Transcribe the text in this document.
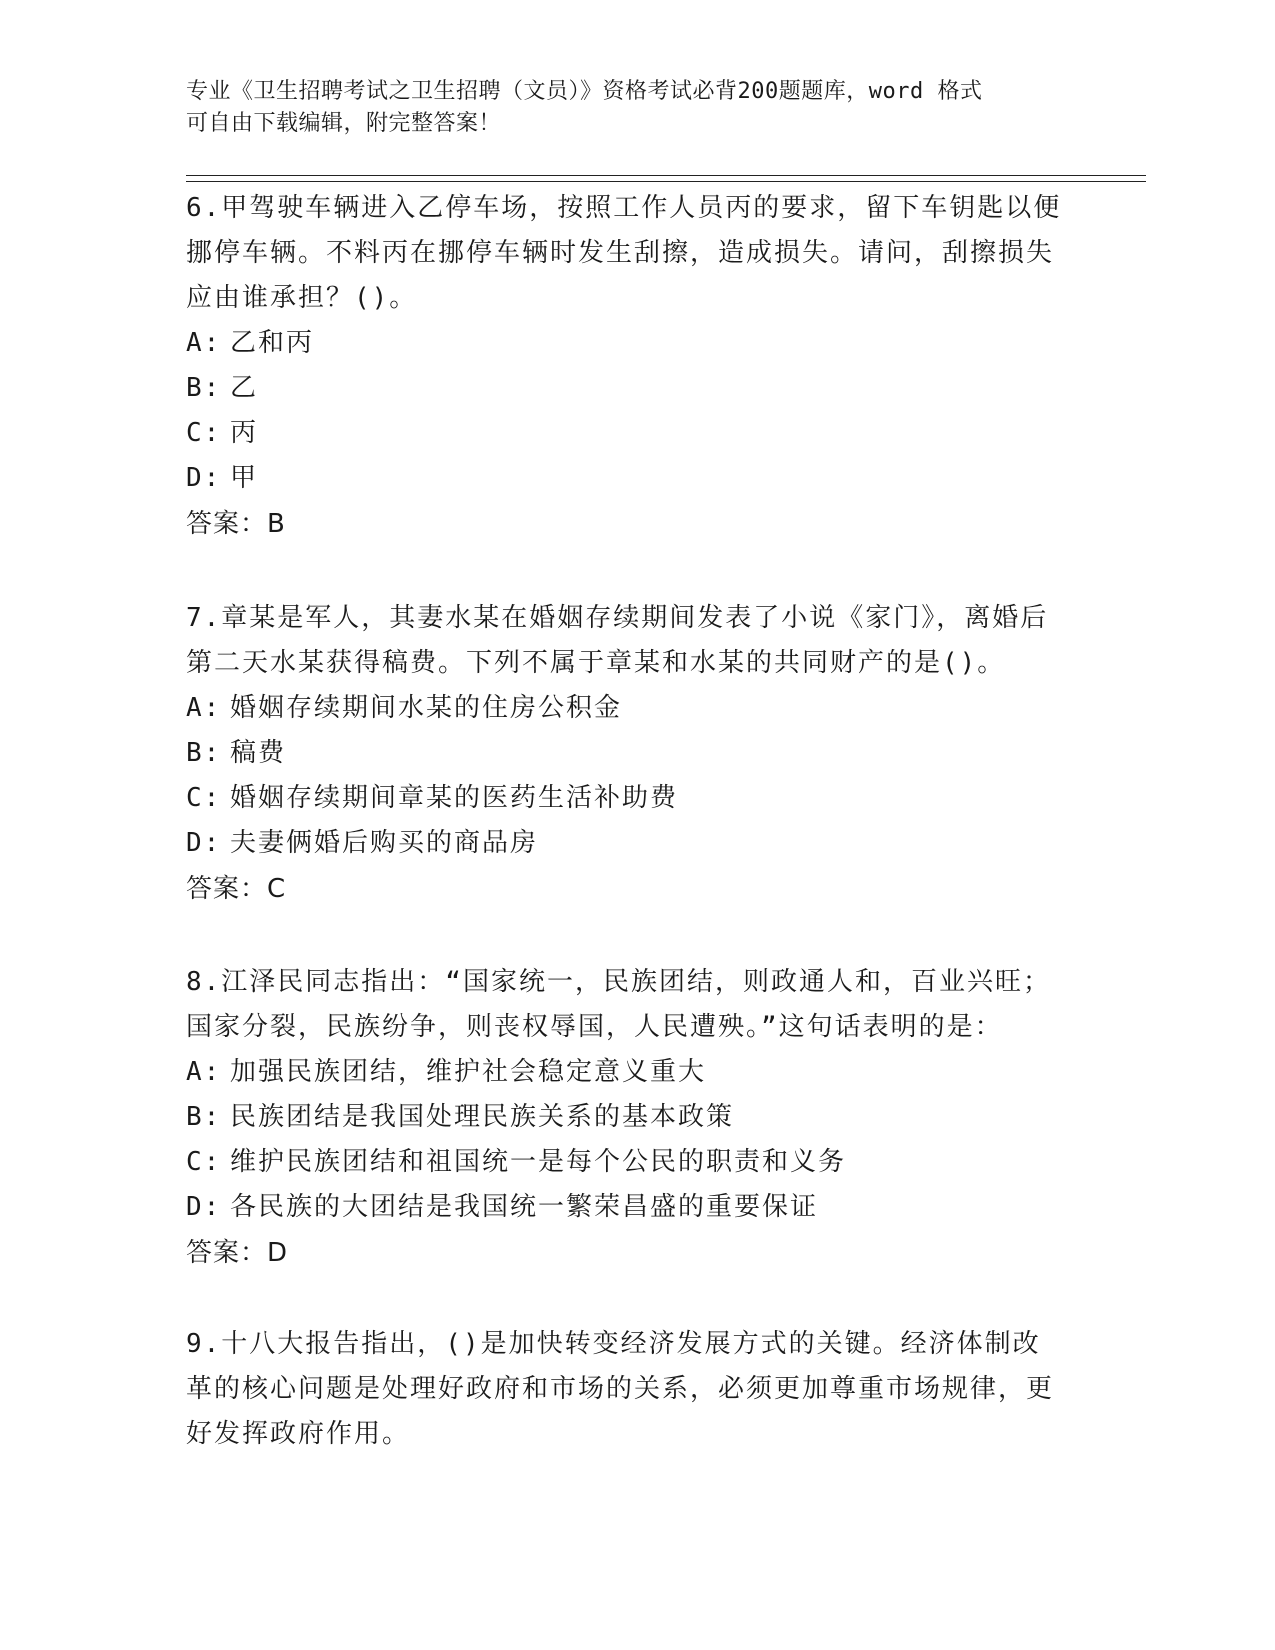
专业《卫生招聘考试之卫生招聘（文员）》资格考试必背200题题库，word 格式
可自由下载编辑，附完整答案！

6.甲驾驶车辆进入乙停车场，按照工作人员丙的要求，留下车钥匙以便挪停车辆。不料丙在挪停车辆时发生刮擦，造成损失。请问，刮擦损失应由谁承担？()。

A: 乙和丙

B: 乙

C: 丙

D: 甲

答案：B

7.章某是军人，其妻水某在婚姻存续期间发表了小说《家门》，离婚后第二天水某获得稿费。下列不属于章某和水某的共同财产的是()。

A: 婚姻存续期间水某的住房公积金

B: 稿费

C: 婚姻存续期间章某的医药生活补助费

D: 夫妻俩婚后购买的商品房

答案：C

8.江泽民同志指出：“国家统一，民族团结，则政通人和，百业兴旺；国家分裂，民族纷争，则丧权辱国，人民遭殃。”这句话表明的是：

A: 加强民族团结，维护社会稳定意义重大

B: 民族团结是我国处理民族关系的基本政策

C: 维护民族团结和祖国统一是每个公民的职责和义务

D: 各民族的大团结是我国统一繁荣昌盛的重要保证

答案：D

9.十八大报告指出，()是加快转变经济发展方式的关键。经济体制改革的核心问题是处理好政府和市场的关系，必须更加尊重市场规律，更好发挥政府作用。
